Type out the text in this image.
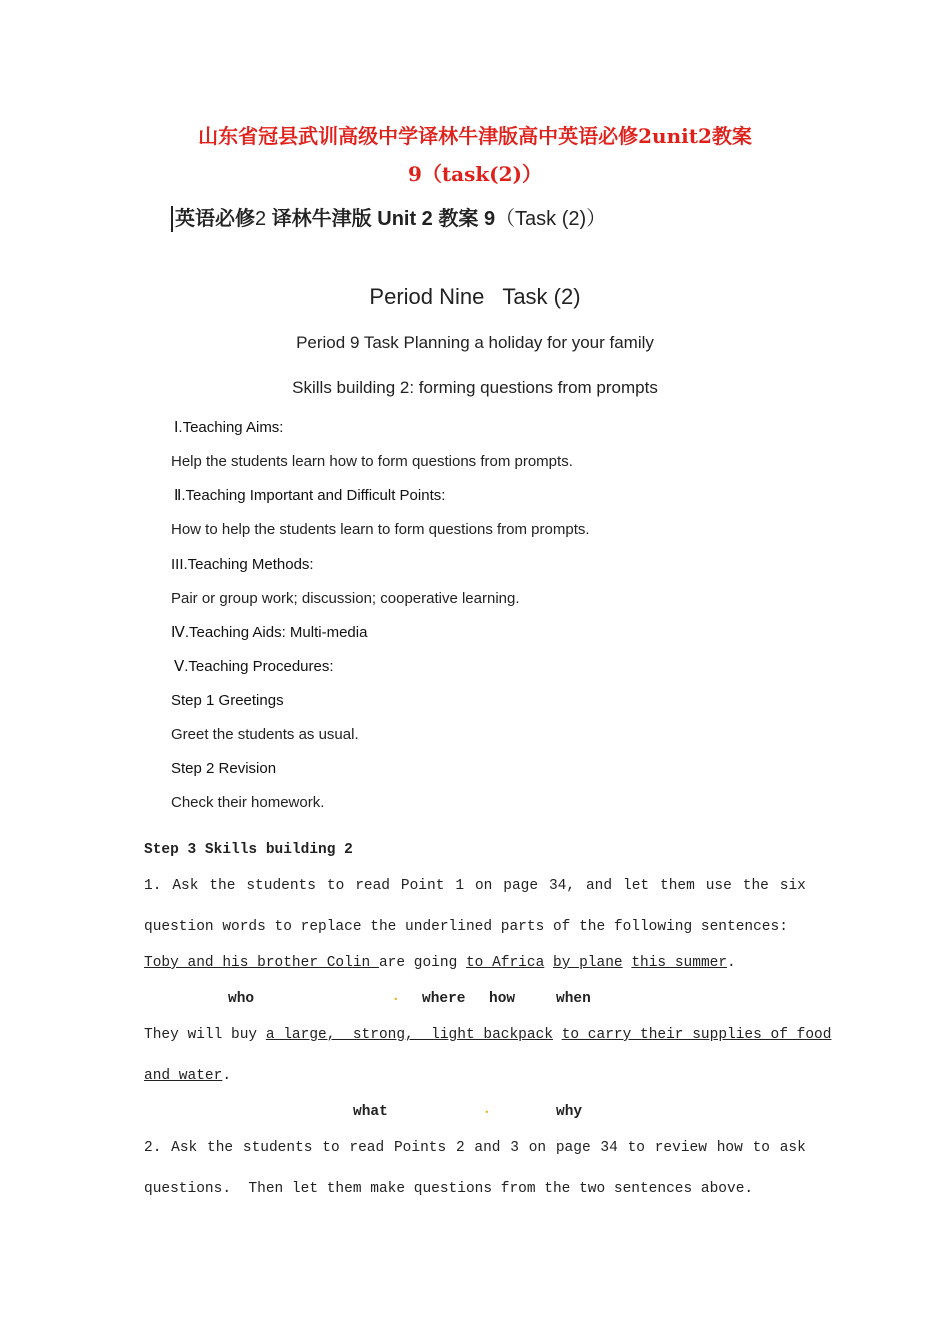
山东省冠县武训高级中学译林牛津版高中英语必修2unit2教案
9（task(2)）
英语必修2 译林牛津版 Unit 2 教案 9（Task (2)）
Period Nine   Task (2)
Period 9 Task Planning a holiday for your family
Skills building 2: forming questions from prompts
Ⅰ.Teaching Aims:
Help the students learn how to form questions from prompts.
Ⅱ.Teaching Important and Difficult Points:
How to help the students learn to form questions from prompts.
III.Teaching Methods:
Pair or group work; discussion; cooperative learning.
Ⅳ.Teaching Aids: Multi-media
Ⅴ.Teaching Procedures:
Step 1 Greetings
Greet the students as usual.
Step 2 Revision
Check their homework.
Step 3 Skills building 2
1. Ask the students to read Point 1 on page 34, and let them use the six
question words to replace the underlined parts of the following sentences:
Toby and his brother Colin are going to Africa by plane this summer.
who	. where how	when
They will buy a large,  strong,  light backpack to carry their supplies of food
and water.
what	.	why
2. Ask the students to read Points 2 and 3 on page 34 to review how to ask
questions.  Then let them make questions from the two sentences above.
